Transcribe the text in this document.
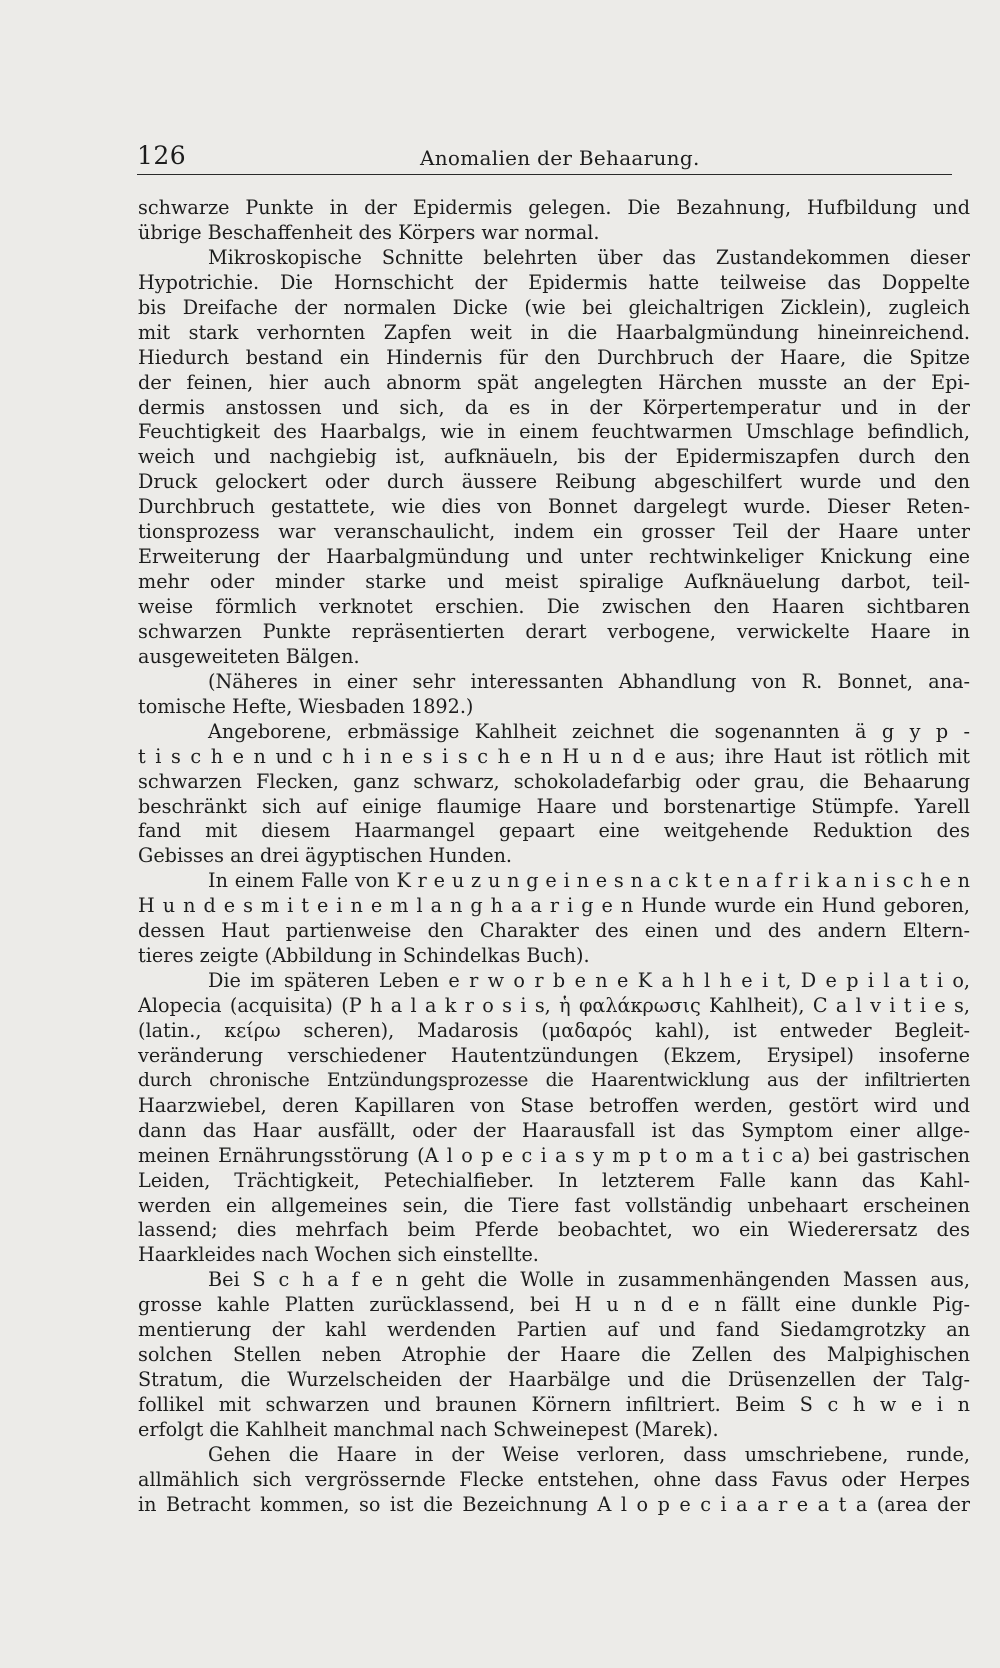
126	Anomalien der Behaarung.
schwarze Punkte in der Epidermis gelegen. Die Bezahnung, Hufbildung und
übrige Beschaffenheit des Körpers war normal.
Mikroskopische Schnitte belehrten über das Zustandekommen dieser
Hypotrichie. Die Hornschicht der Epidermis hatte teilweise das Doppelte
bis Dreifache der normalen Dicke (wie bei gleichaltrigen Zicklein), zugleich
mit stark verhornten Zapfen weit in die Haarbalgmündung hineinreichend.
Hiedurch bestand ein Hindernis für den Durchbruch der Haare, die Spitze
der feinen, hier auch abnorm spät angelegten Härchen musste an der Epi-
dermis anstossen und sich, da es in der Körpertemperatur und in der
Feuchtigkeit des Haarbalgs, wie in einem feuchtwarmen Umschlage befindlich,
weich und nachgiebig ist, aufknäueln, bis der Epidermiszapfen durch den
Druck gelockert oder durch äussere Reibung abgeschilfert wurde und den
Durchbruch gestattete, wie dies von Bonnet dargelegt wurde. Dieser Reten-
tionsprozess war veranschaulicht, indem ein grosser Teil der Haare unter
Erweiterung der Haarbalgmündung und unter rechtwinkeliger Knickung eine
mehr oder minder starke und meist spiralige Aufknäuelung darbot, teil-
weise förmlich verknotet erschien. Die zwischen den Haaren sichtbaren
schwarzen Punkte repräsentierten derart verbogene, verwickelte Haare in
ausgeweiteten Bälgen.
(Näheres in einer sehr interessanten Abhandlung von R. Bonnet, ana-
tomische Hefte, Wiesbaden 1892.)
Angeborene, erbmässige Kahlheit zeichnet die sogenannten ä g y p -
t i s c h e n und c h i n e s i s c h e n H u n d e aus; ihre Haut ist rötlich mit
schwarzen Flecken, ganz schwarz, schokoladefarbig oder grau, die Behaarung
beschränkt sich auf einige flaumige Haare und borstenartige Stümpfe. Yarell
fand mit diesem Haarmangel gepaart eine weitgehende Reduktion des
Gebisses an drei ägyptischen Hunden.
In einem Falle von K r e u z u n g e i n e s n a c k t e n a f r i k a n i s c h e n
H u n d e s m i t e i n e m l a n g h a a r i g e n Hunde wurde ein Hund geboren,
dessen Haut partienweise den Charakter des einen und des andern Eltern-
tieres zeigte (Abbildung in Schindelkas Buch).
Die im späteren Leben e r w o r b e n e K a h l h e i t, D e p i l a t i o,
Alopecia (acquisita) (P h a l a k r o s i s, ἡ φαλάκρωσις Kahlheit), C a l v i t i e s,
(latin., κείρω scheren), Madarosis (μαδαρός kahl), ist entweder Begleit-
veränderung verschiedener Hautentzündungen (Ekzem, Erysipel) insoferne
durch chronische Entzündungsprozesse die Haarentwicklung aus der infiltrierten
Haarzwiebel, deren Kapillaren von Stase betroffen werden, gestört wird und
dann das Haar ausfällt, oder der Haarausfall ist das Symptom einer allge-
meinen Ernährungsstörung (A l o p e c i a s y m p t o m a t i c a) bei gastrischen
Leiden, Trächtigkeit, Petechialfieber. In letzterem Falle kann das Kahl-
werden ein allgemeines sein, die Tiere fast vollständig unbehaart erscheinen
lassend; dies mehrfach beim Pferde beobachtet, wo ein Wiederersatz des
Haarkleides nach Wochen sich einstellte.
Bei S c h a f e n geht die Wolle in zusammenhängenden Massen aus,
grosse kahle Platten zurücklassend, bei H u n d e n fällt eine dunkle Pig-
mentierung der kahl werdenden Partien auf und fand Siedamgrotzky an
solchen Stellen neben Atrophie der Haare die Zellen des Malpighischen
Stratum, die Wurzelscheiden der Haarbälge und die Drüsenzellen der Talg-
follikel mit schwarzen und braunen Körnern infiltriert. Beim S c h w e i n
erfolgt die Kahlheit manchmal nach Schweinepest (Marek).
Gehen die Haare in der Weise verloren, dass umschriebene, runde,
allmählich sich vergrössernde Flecke entstehen, ohne dass Favus oder Herpes
in Betracht kommen, so ist die Bezeichnung A l o p e c i a a r e a t a (area der
